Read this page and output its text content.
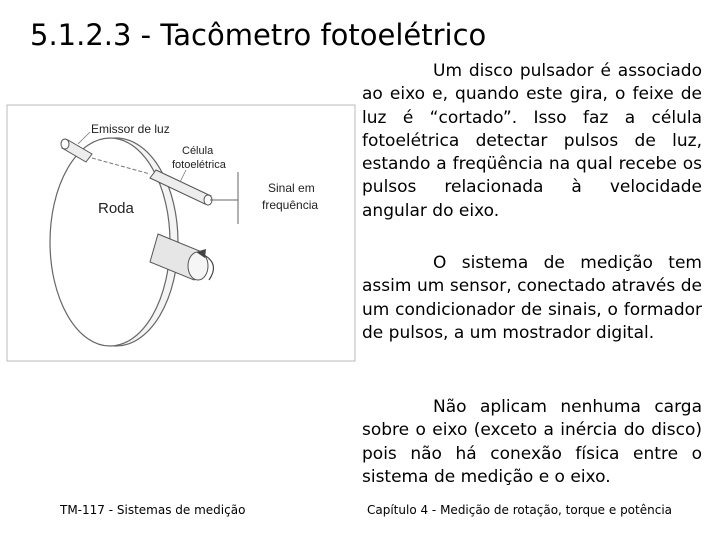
5.1.2.3 - Tacômetro fotoelétrico
Emissor de luz
Célula
fotoelétrica
Roda
Sinal em
frequência

Um disco pulsador é associado ao eixo e, quando este gira, o feixe de luz é “cortado”. Isso faz a célula fotoelétrica detectar pulsos de luz, estando a freqüência na qual recebe os pulsos relacionada à velocidade angular do eixo.

O sistema de medição tem assim um sensor, conectado através de um condicionador de sinais, o formador de pulsos, a um mostrador digital.

Não aplicam nenhuma carga sobre o eixo (exceto a inércia do disco) pois não há conexão física entre o sistema de medição e o eixo.

TM-117 - Sistemas de medição	Capítulo 4 - Medição de rotação, torque e potência
